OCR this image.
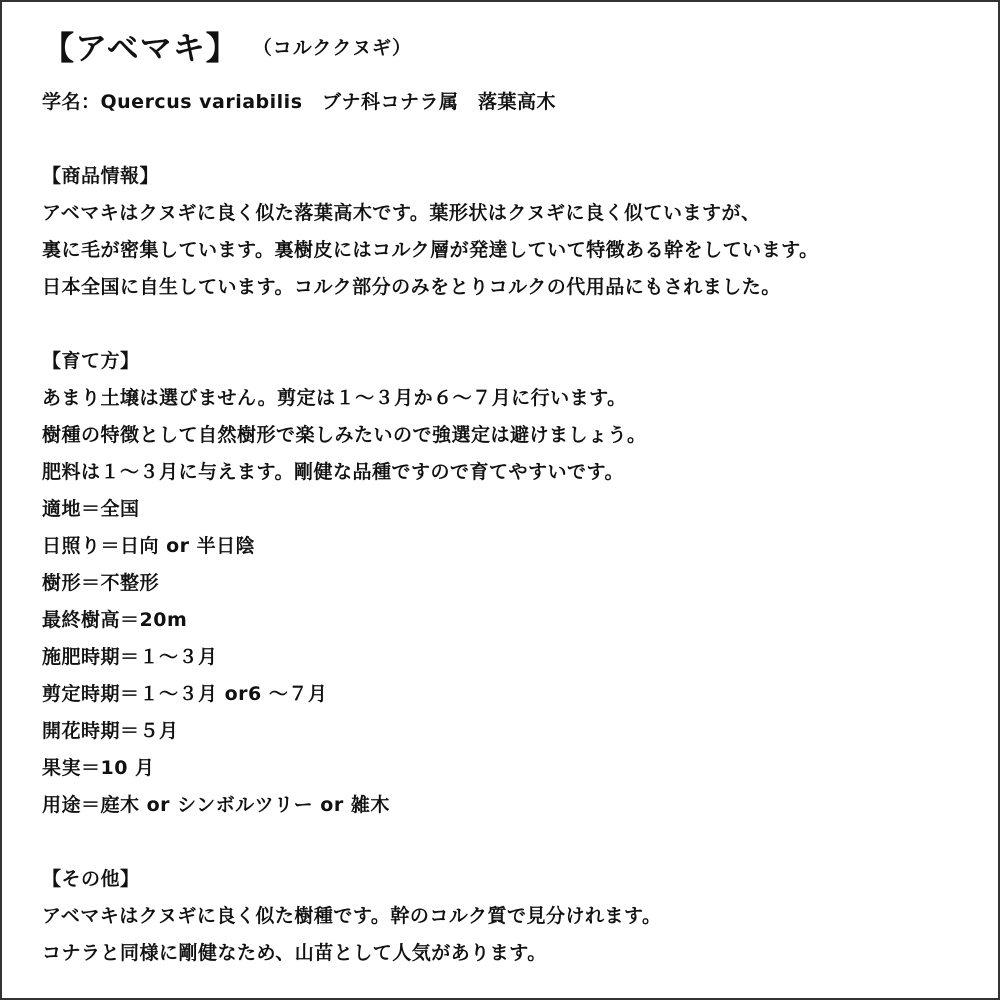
【アベマキ】 （コルククヌギ）
学名：Quercus variabilis　ブナ科コナラ属　落葉高木
【商品情報】
アベマキはクヌギに良く似た落葉高木です。葉形状はクヌギに良く似ていますが、
裏に毛が密集しています。裏樹皮にはコルク層が発達していて特徴ある幹をしています。
日本全国に自生しています。コルク部分のみをとりコルクの代用品にもされました。
【育て方】
あまり土壌は選びません。剪定は１～３月か６～７月に行います。
樹種の特徴として自然樹形で楽しみたいので強選定は避けましょう。
肥料は１～３月に与えます。剛健な品種ですので育てやすいです。
適地＝全国
日照り＝日向 or 半日陰
樹形＝不整形
最終樹高＝20m
施肥時期＝１～３月
剪定時期＝１～３月 or6 ～７月
開花時期＝５月
果実＝10 月
用途＝庭木 or シンボルツリー or 雑木
【その他】
アベマキはクヌギに良く似た樹種です。幹のコルク質で見分けれます。
コナラと同様に剛健なため、山苗として人気があります。
